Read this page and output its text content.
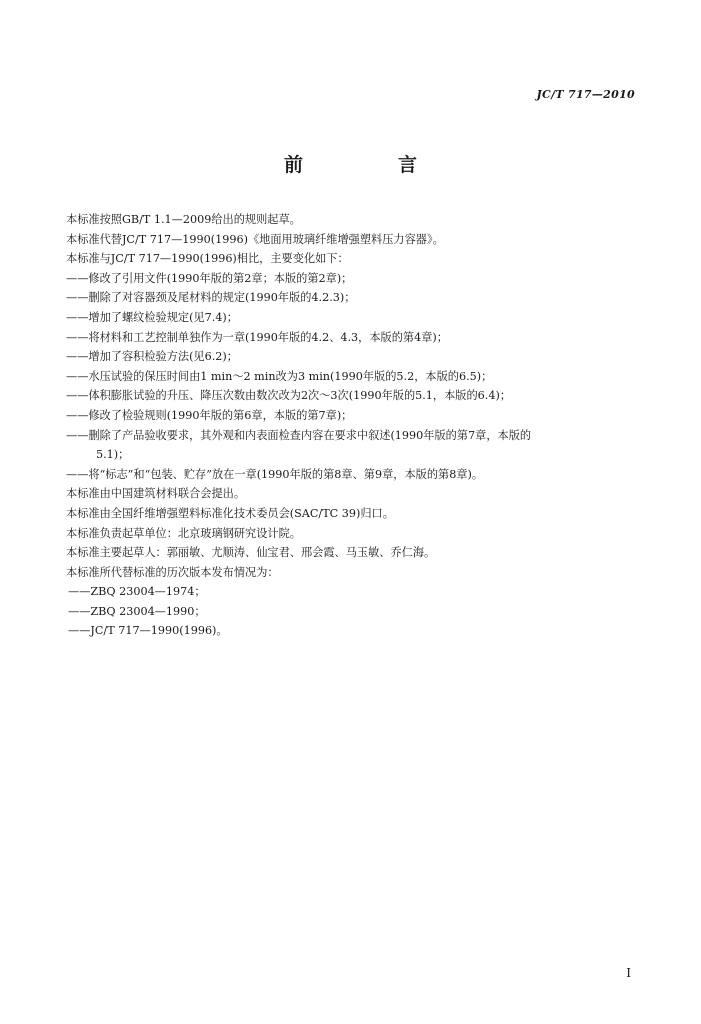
JC/T 717—2010
前　言
本标准按照GB/T 1.1—2009给出的规则起草。
本标准代替JC/T 717—1990(1996)《地面用玻璃纤维增强塑料压力容器》。
本标准与JC/T 717—1990(1996)相比，主要变化如下：
——修改了引用文件(1990年版的第2章；本版的第2章)；
——删除了对容器颈及尾材料的规定(1990年版的4.2.3)；
——增加了螺纹检验规定(见7.4)；
——将材料和工艺控制单独作为一章(1990年版的4.2、4.3，本版的第4章)；
——增加了容积检验方法(见6.2)；
——水压试验的保压时间由1 min～2 min改为3 min(1990年版的5.2，本版的6.5)；
——体积膨胀试验的升压、降压次数由数次改为2次～3次(1990年版的5.1，本版的6.4)；
——修改了检验规则(1990年版的第6章，本版的第7章)；
——删除了产品验收要求，其外观和内表面检查内容在要求中叙述(1990年版的第7章，本版的
5.1)；
——将“标志”和“包装、贮存”放在一章(1990年版的第8章、第9章，本版的第8章)。
本标准由中国建筑材料联合会提出。
本标准由全国纤维增强塑料标准化技术委员会(SAC/TC 39)归口。
本标准负责起草单位：北京玻璃钢研究设计院。
本标准主要起草人：郭丽敏、尤顺涛、仙宝君、邢会霞、马玉敏、乔仁海。
本标准所代替标准的历次版本发布情况为：
——ZBQ 23004—1974；
——ZBQ 23004—1990；
——JC/T 717—1990(1996)。
I
